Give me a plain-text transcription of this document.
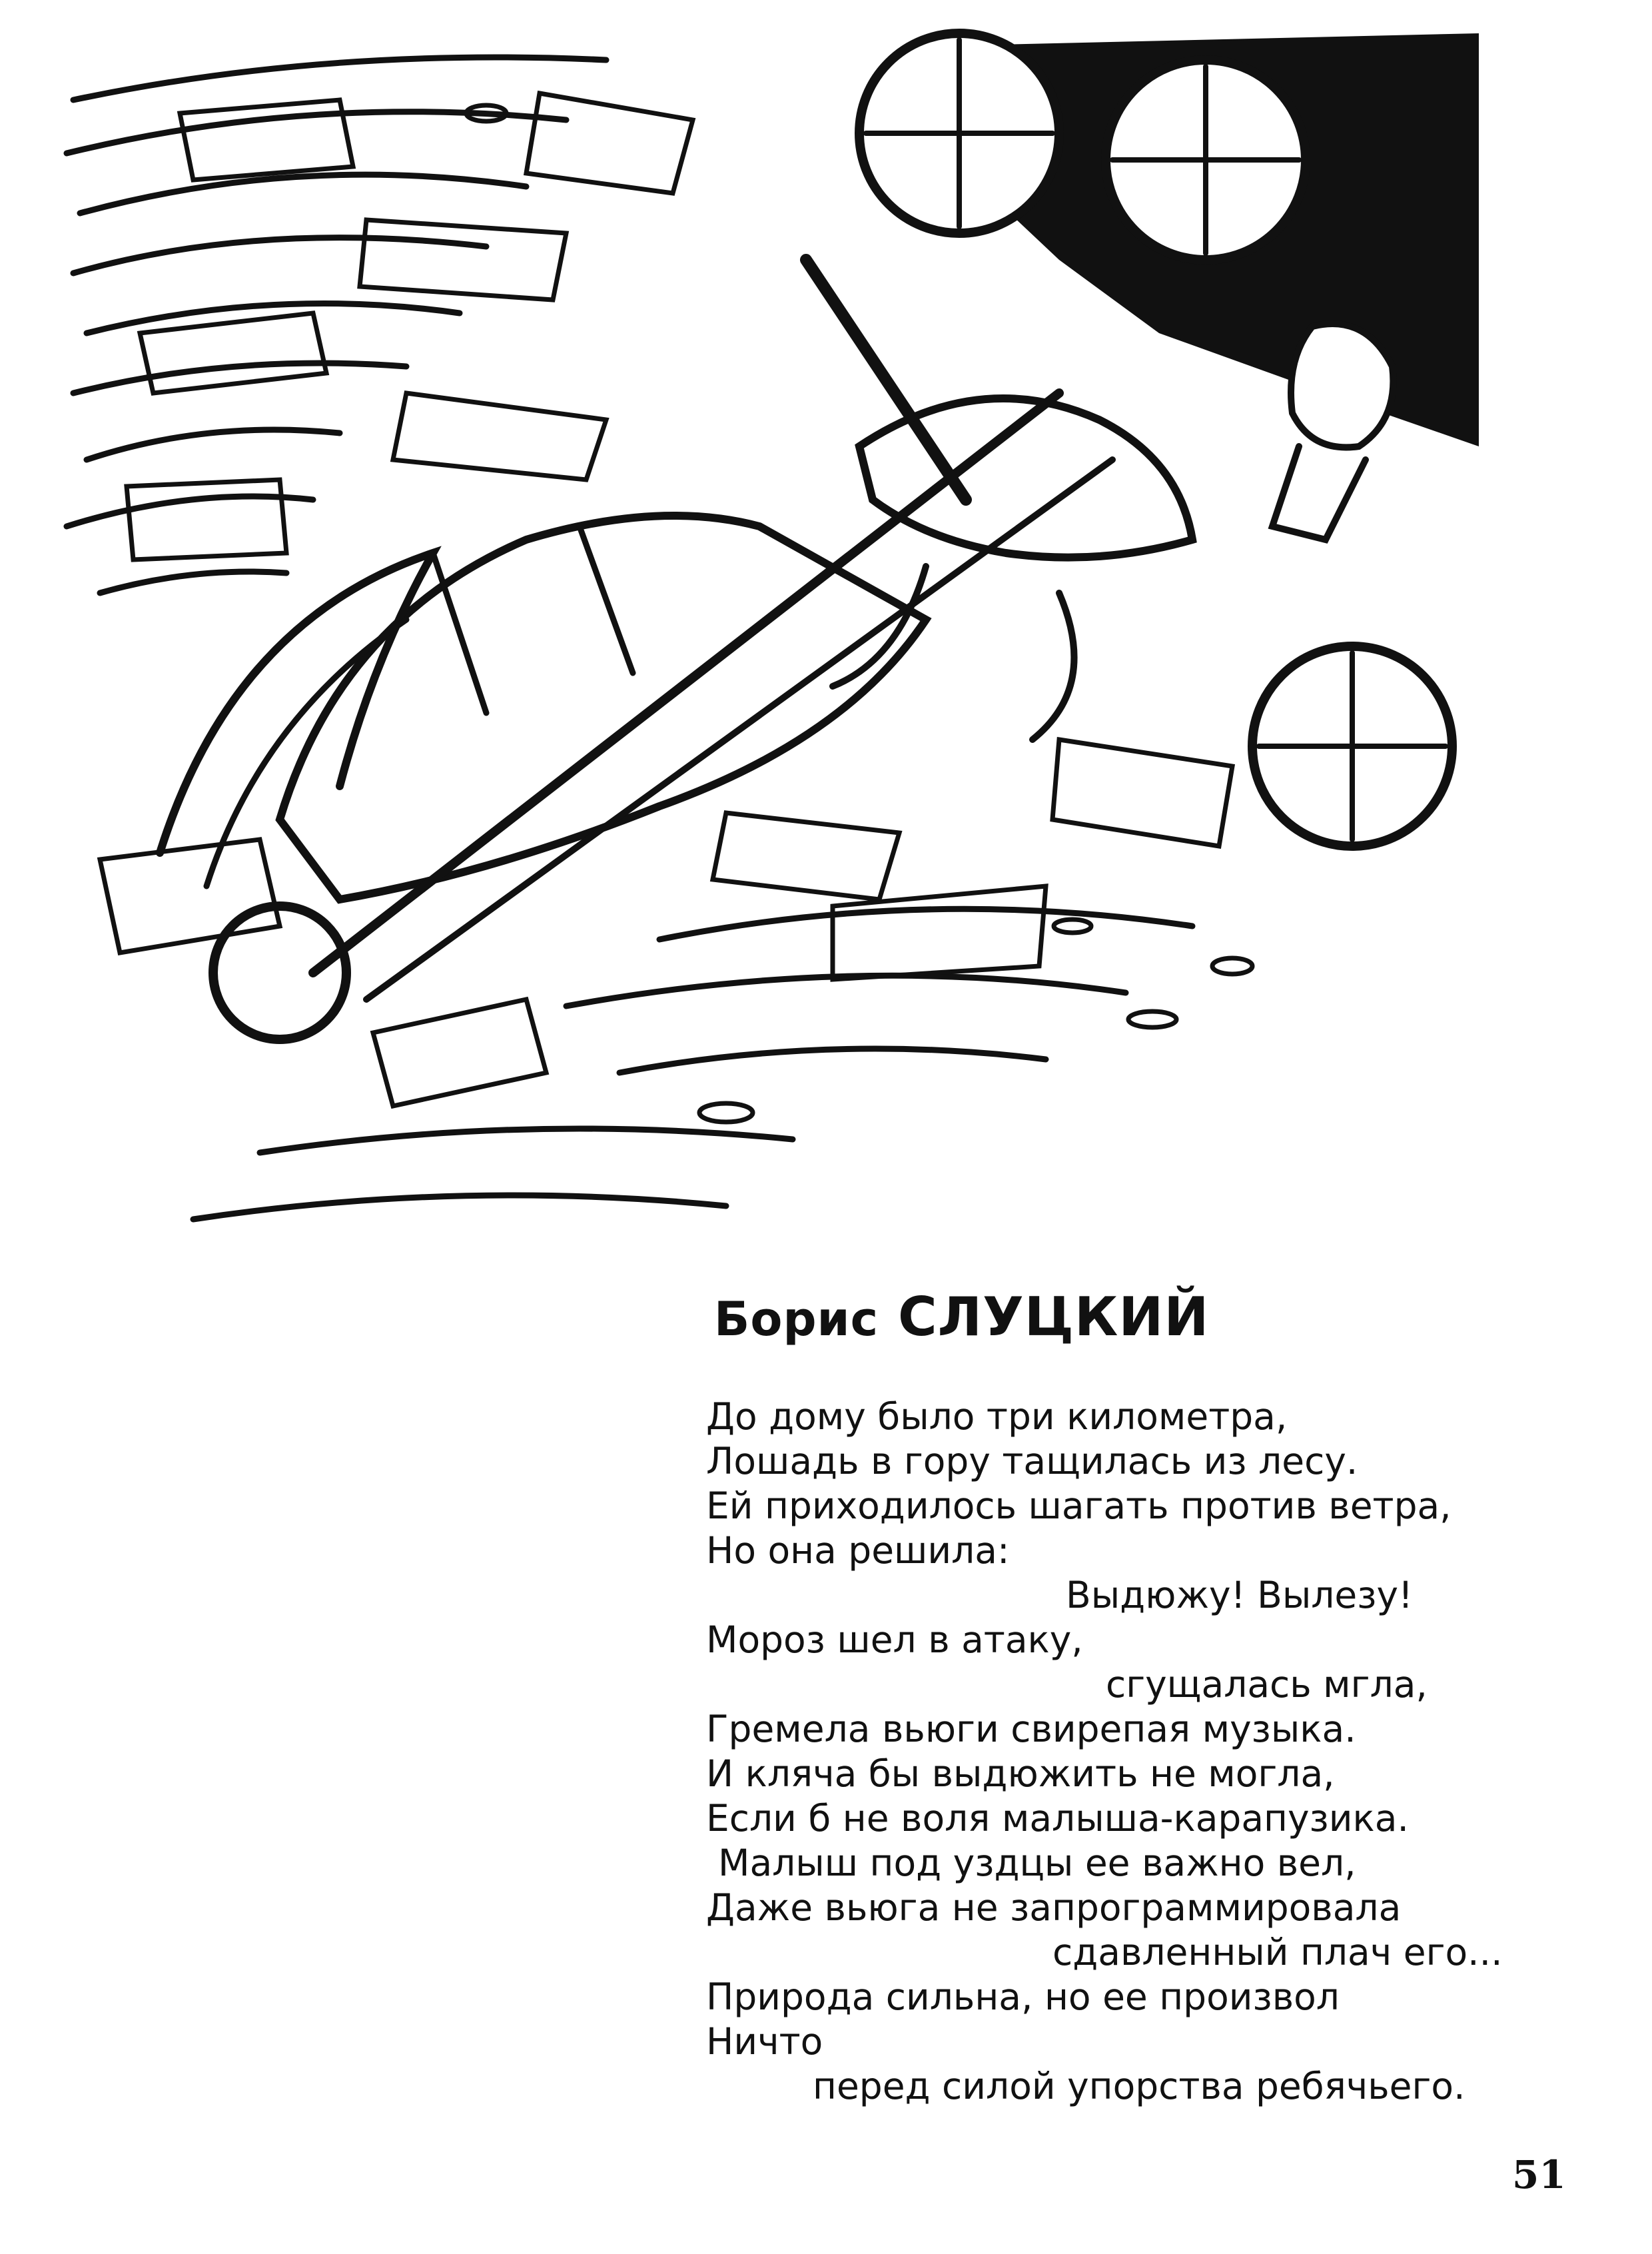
Борис СЛУЦКИЙ

До дому было три километра,

Лошадь в гору тащилась из лесу.

Ей приходилось шагать против ветра,

Но она решила:

Выдюжу! Вылезу!

Мороз шел в атаку,

сгущалась мгла,

Гремела вьюги свирепая музыка.

И кляча бы выдюжить не могла,

Если б не воля малыша-карапузика.

Малыш под уздцы ее важно вел,

Даже вьюга не запрограммировала

сдавленный плач его...

Природа сильна, но ее произвол

Ничто

перед силой упорства ребячьего.

51
